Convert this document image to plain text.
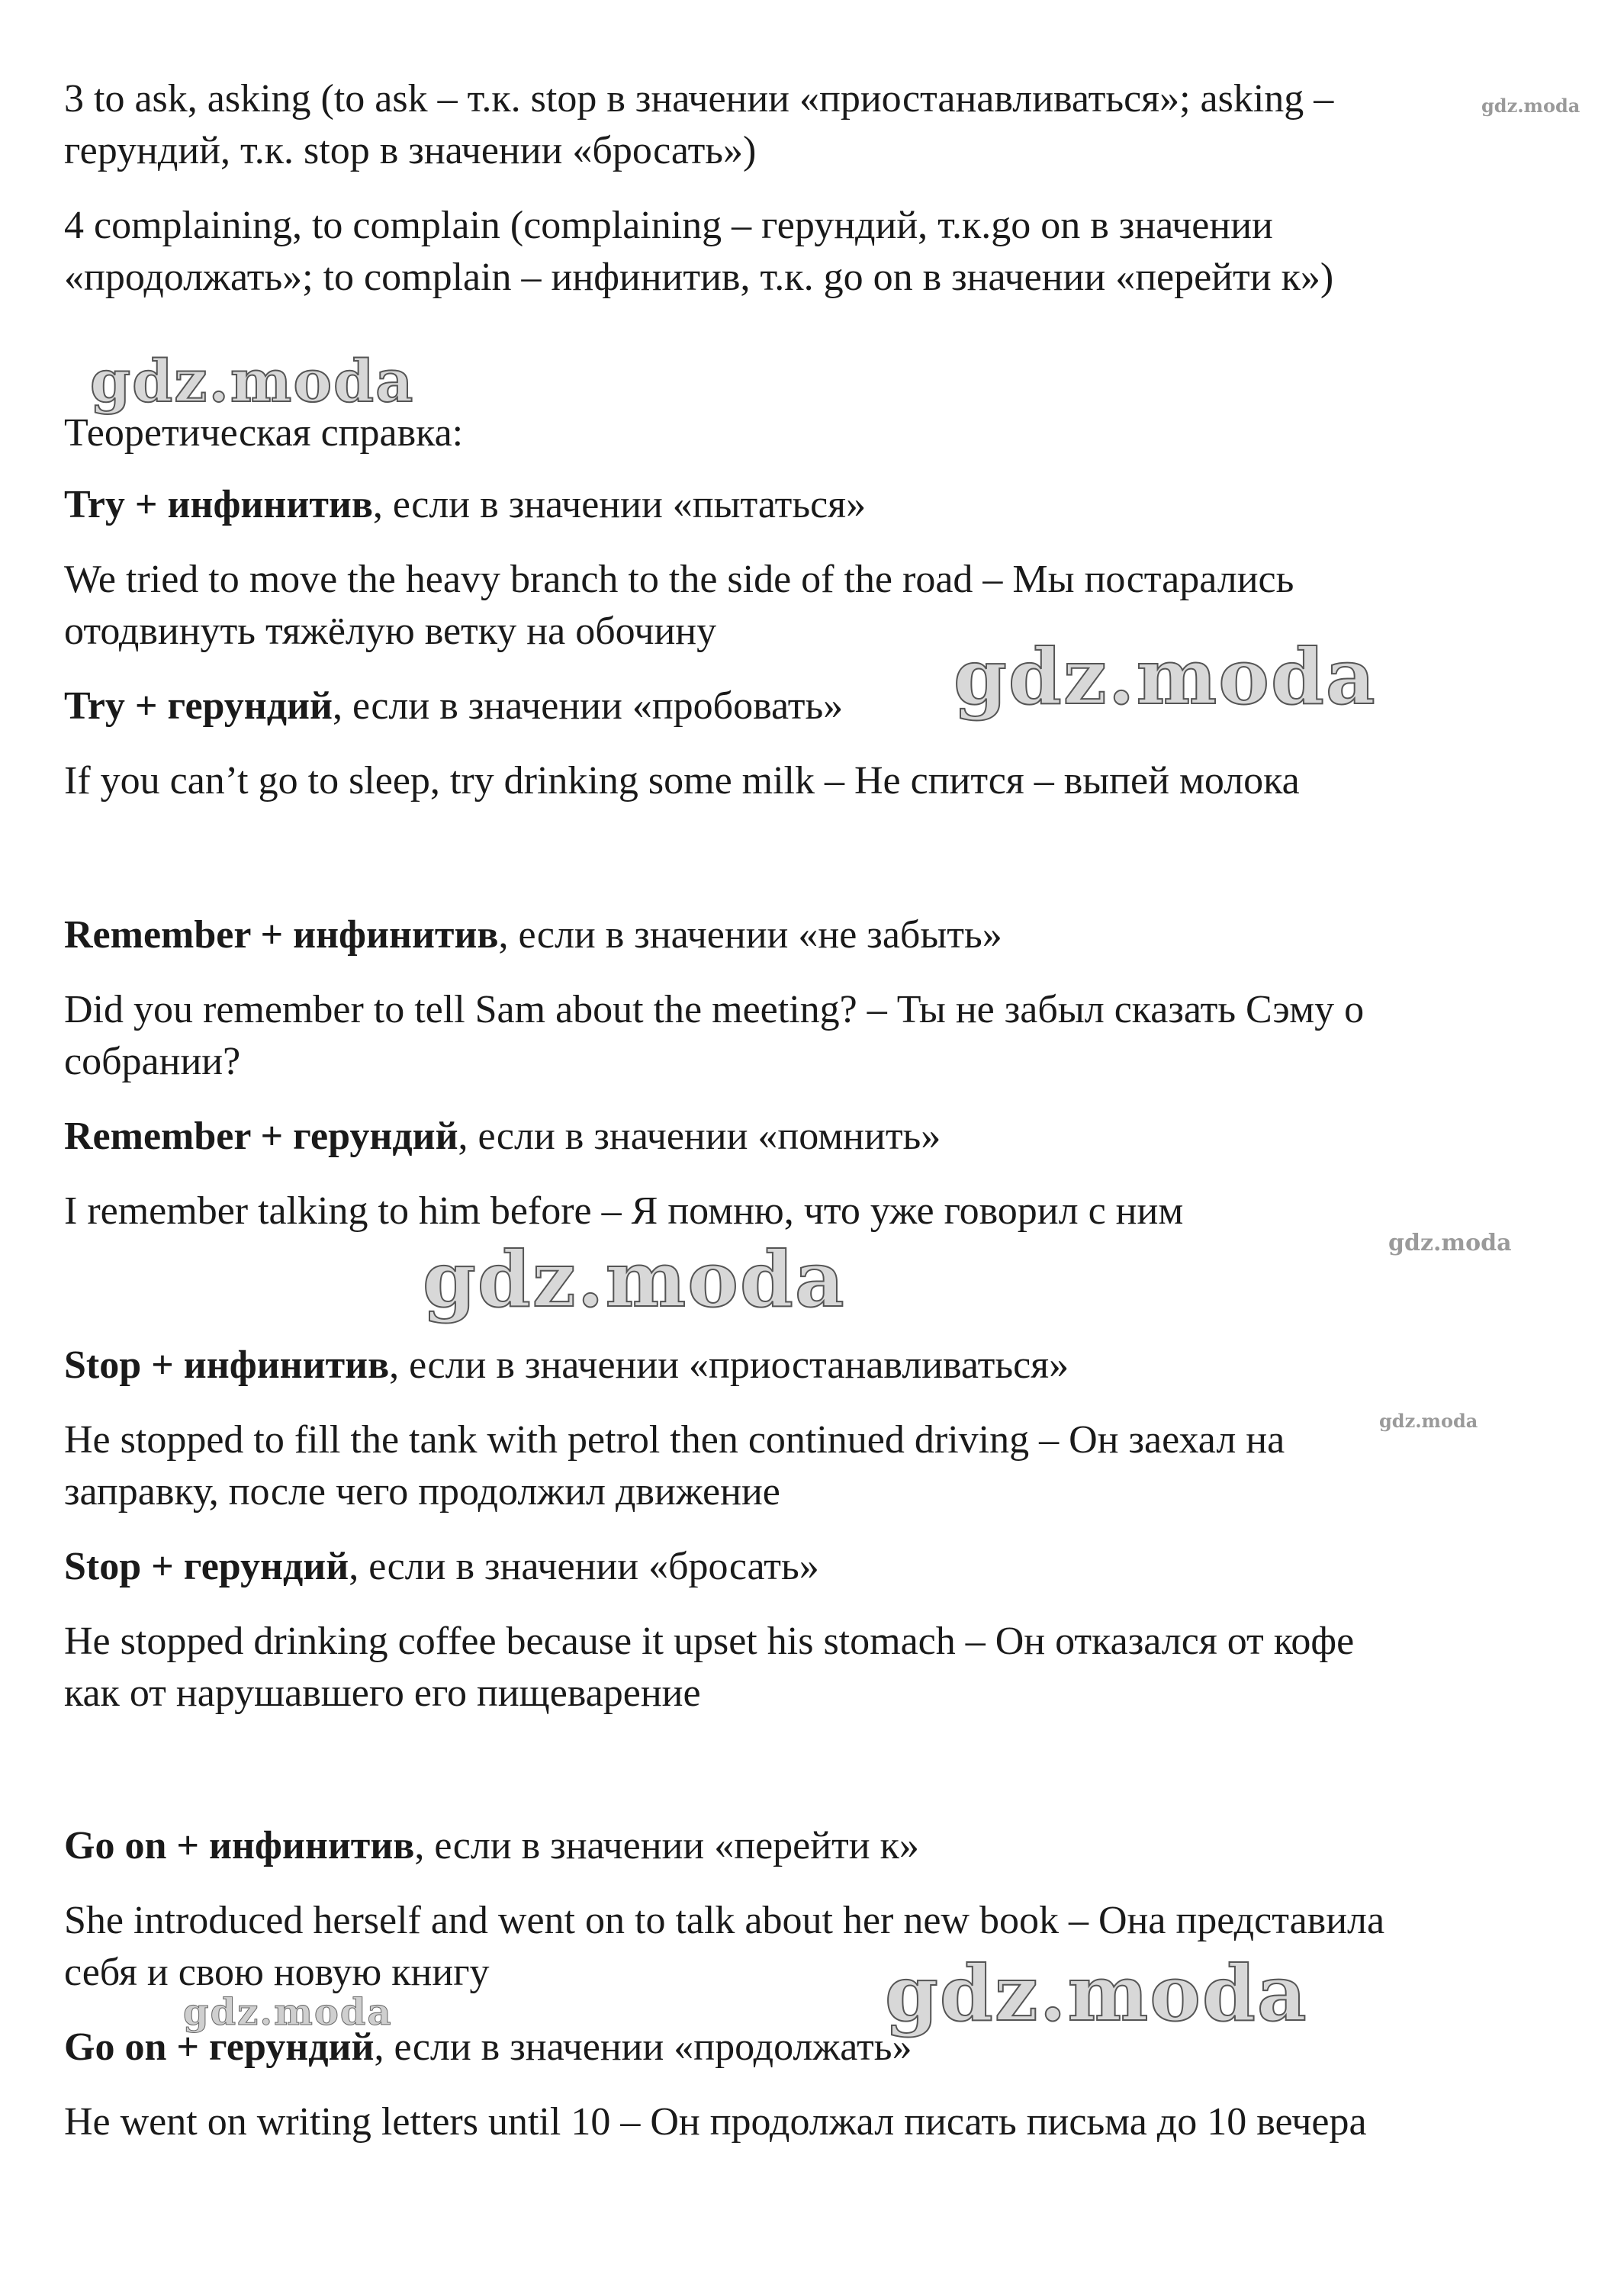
3 to ask, asking (to ask – т.к. stop в значении «приостанавливаться»; asking –
герундий, т.к. stop в значении «бросать»)
4 complaining, to complain (complaining – герундий, т.к.go on в значении
«продолжать»; to complain – инфинитив, т.к. go on в значении «перейти к»)
Теоретическая справка:
Try + инфинитив, если в значении «пытаться»
We tried to move the heavy branch to the side of the road – Мы постарались
отодвинуть тяжёлую ветку на обочину
Try + герундий, если в значении «пробовать»
If you can’t go to sleep, try drinking some milk – Не спится – выпей молока
Remember + инфинитив, если в значении «не забыть»
Did you remember to tell Sam about the meeting? – Ты не забыл сказать Сэму о
собрании?
Remember + герундий, если в значении «помнить»
I remember talking to him before – Я помню, что уже говорил с ним
Stop + инфинитив, если в значении «приостанавливаться»
He stopped to fill the tank with petrol then continued driving – Он заехал на
заправку, после чего продолжил движение
Stop + герундий, если в значении «бросать»
He stopped drinking coffee because it upset his stomach – Он отказался от кофе
как от нарушавшего его пищеварение
Go on + инфинитив, если в значении «перейти к»
She introduced herself and went on to talk about her new book – Она представила
себя и свою новую книгу
Go on + герундий, если в значении «продолжать»
He went on writing letters until 10 – Он продолжал писать письма до 10 вечера
gdz.moda
gdz.moda
gdz.moda
gdz.moda	gdz.moda
gdz.moda
gdz.moda
gdz.moda
